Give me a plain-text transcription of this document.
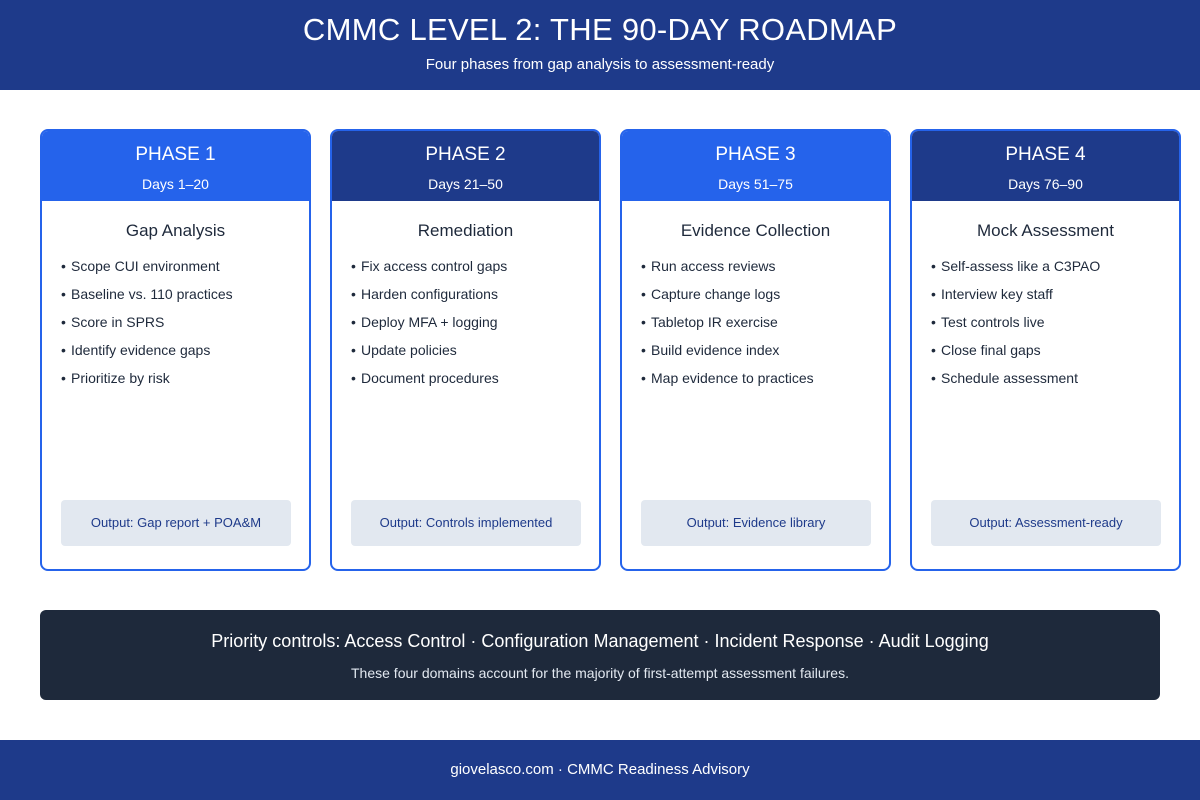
CMMC LEVEL 2: THE 90-DAY ROADMAP
Four phases from gap analysis to assessment-ready
PHASE 1
Days 1–20
Gap Analysis
• Scope CUI environment
• Baseline vs. 110 practices
• Score in SPRS
• Identify evidence gaps
• Prioritize by risk
Output: Gap report + POA&M
PHASE 2
Days 21–50
Remediation
• Fix access control gaps
• Harden configurations
• Deploy MFA + logging
• Update policies
• Document procedures
Output: Controls implemented
PHASE 3
Days 51–75
Evidence Collection
• Run access reviews
• Capture change logs
• Tabletop IR exercise
• Build evidence index
• Map evidence to practices
Output: Evidence library
PHASE 4
Days 76–90
Mock Assessment
• Self-assess like a C3PAO
• Interview key staff
• Test controls live
• Close final gaps
• Schedule assessment
Output: Assessment-ready
Priority controls: Access Control · Configuration Management · Incident Response · Audit Logging
These four domains account for the majority of first-attempt assessment failures.
giovelasco.com · CMMC Readiness Advisory
